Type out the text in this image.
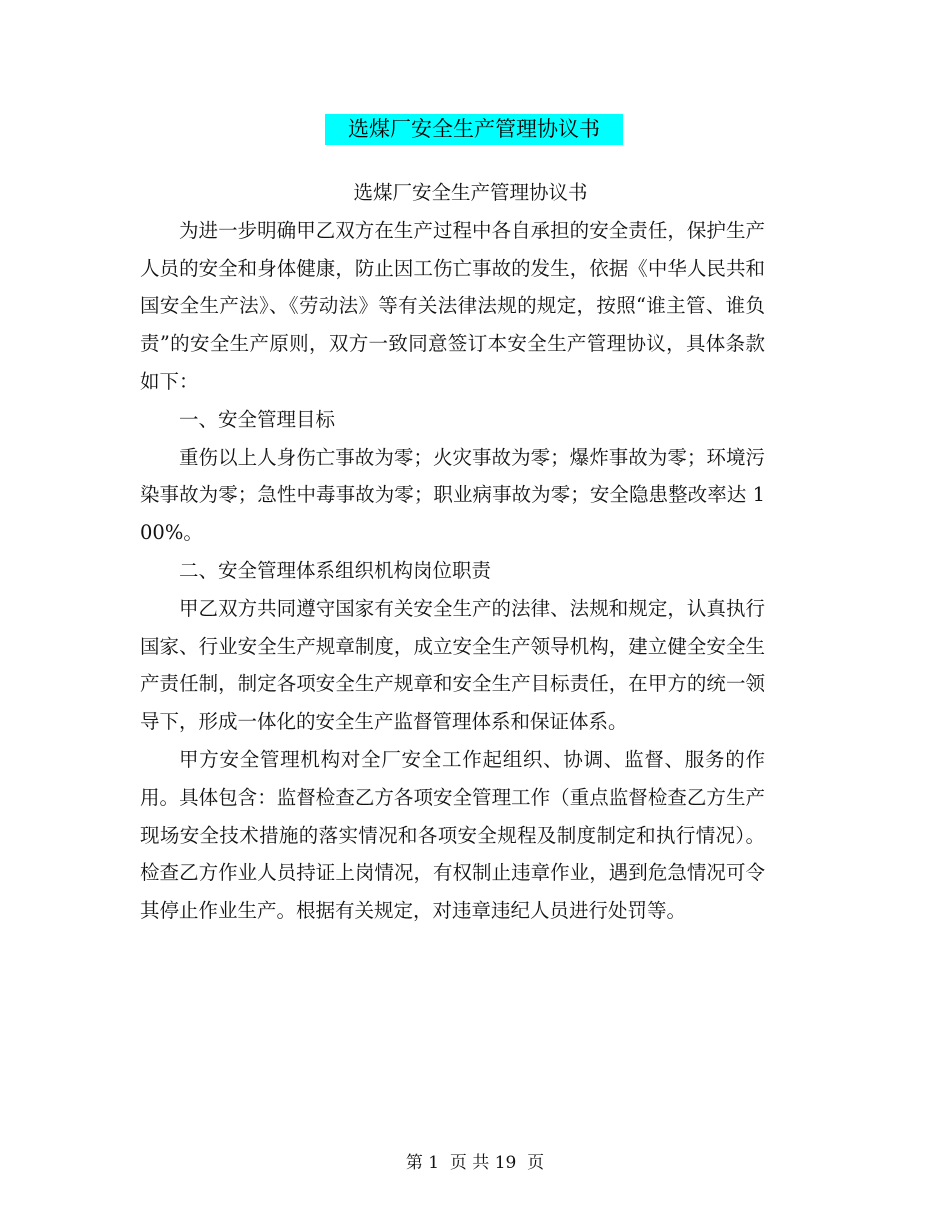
选煤厂安全生产管理协议书

选煤厂安全生产管理协议书

为进一步明确甲乙双方在生产过程中各自承担的安全责任，保护生产人员的安全和身体健康，防止因工伤亡事故的发生，依据《中华人民共和国安全生产法》、《劳动法》等有关法律法规的规定，按照“谁主管、谁负责”的安全生产原则，双方一致同意签订本安全生产管理协议，具体条款如下：

一、安全管理目标

重伤以上人身伤亡事故为零；火灾事故为零；爆炸事故为零；环境污染事故为零；急性中毒事故为零；职业病事故为零；安全隐患整改率达 100%。

二、安全管理体系组织机构岗位职责

甲乙双方共同遵守国家有关安全生产的法律、法规和规定，认真执行国家、行业安全生产规章制度，成立安全生产领导机构，建立健全安全生产责任制，制定各项安全生产规章和安全生产目标责任，在甲方的统一领导下，形成一体化的安全生产监督管理体系和保证体系。

甲方安全管理机构对全厂安全工作起组织、协调、监督、服务的作用。具体包含：监督检查乙方各项安全管理工作（重点监督检查乙方生产现场安全技术措施的落实情况和各项安全规程及制度制定和执行情况）。检查乙方作业人员持证上岗情况，有权制止违章作业，遇到危急情况可令其停止作业生产。根据有关规定，对违章违纪人员进行处罚等。

第 1  页 共 19  页
